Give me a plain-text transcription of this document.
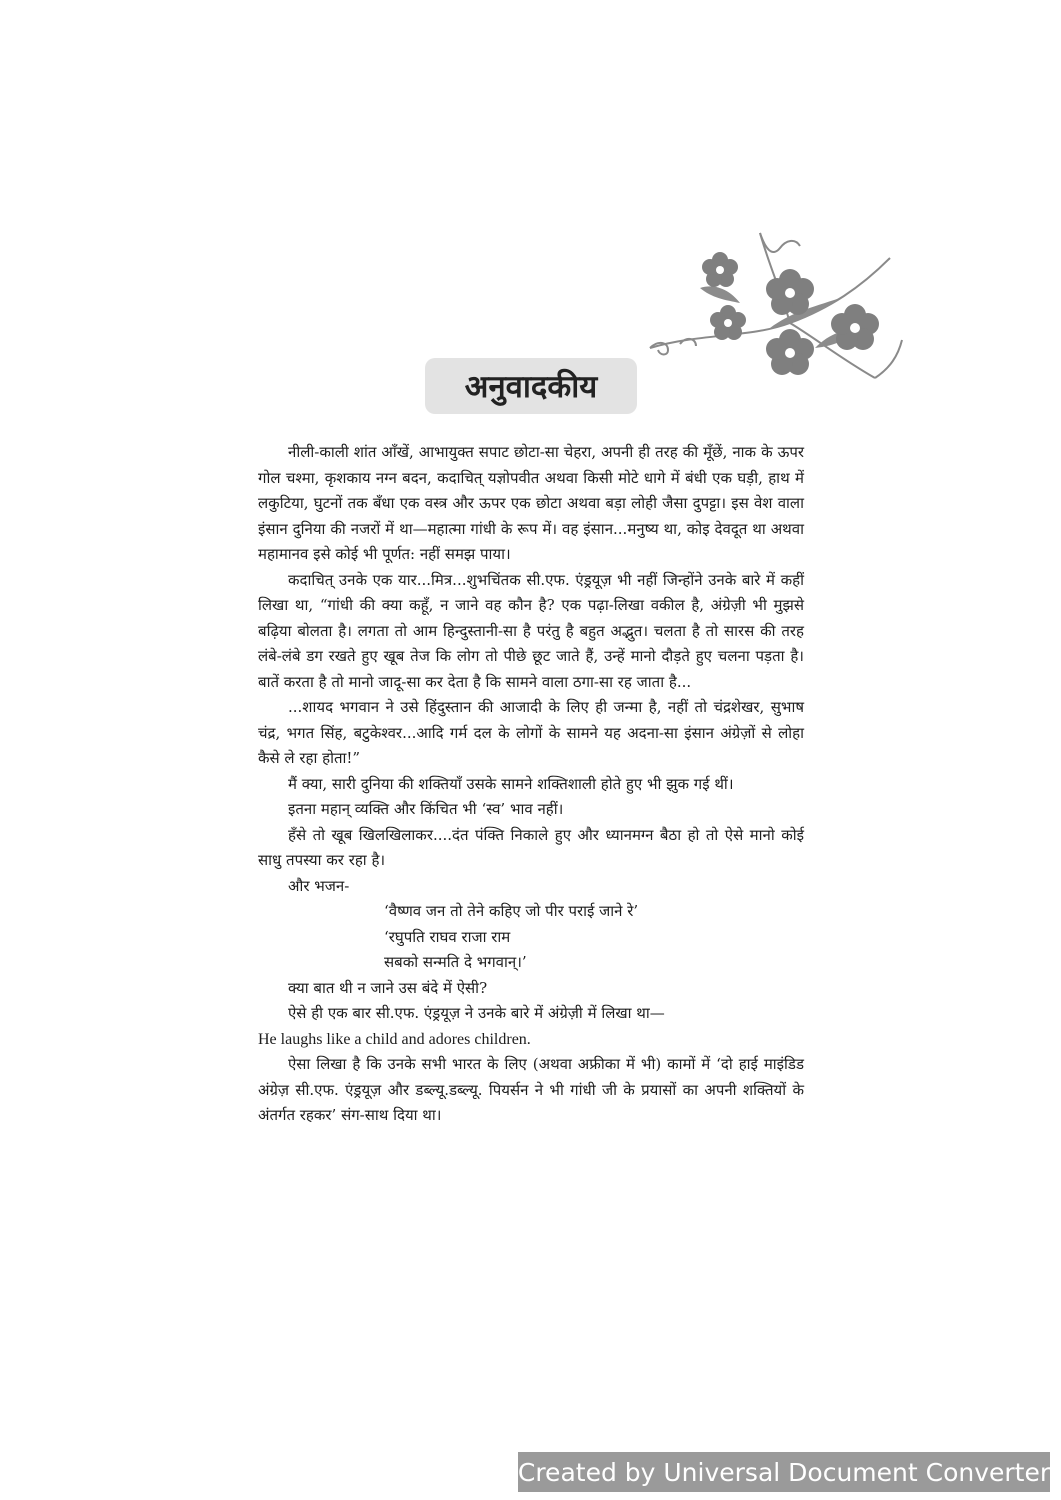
अनुवादकीय

नीली-काली शांत आँखें, आभायुक्त सपाट छोटा-सा चेहरा, अपनी ही तरह की मूँछें, नाक के ऊपर गोल चश्मा, कृशकाय नग्न बदन, कदाचित् यज्ञोपवीत अथवा किसी मोटे धागे में बंधी एक घड़ी, हाथ में लकुटिया, घुटनों तक बँधा एक वस्त्र और ऊपर एक छोटा अथवा बड़ा लोही जैसा दुपट्टा। इस वेश वाला इंसान दुनिया की नजरों में था—महात्मा गांधी के रूप में। वह इंसान...मनुष्य था, कोइ देवदूत था अथवा महामानव इसे कोई भी पूर्णत: नहीं समझ पाया।

कदाचित् उनके एक यार...मित्र...शुभचिंतक सी.एफ. एंड्रयूज़ भी नहीं जिन्होंने उनके बारे में कहीं लिखा था, “गांधी की क्या कहूँ, न जाने वह कौन है? एक पढ़ा-लिखा वकील है, अंग्रेज़ी भी मुझसे बढ़िया बोलता है। लगता तो आम हिन्दुस्तानी-सा है परंतु है बहुत अद्भुत। चलता है तो सारस की तरह लंबे-लंबे डग रखते हुए खूब तेज कि लोग तो पीछे छूट जाते हैं, उन्हें मानो दौड़ते हुए चलना पड़ता है। बातें करता है तो मानो जादू-सा कर देता है कि सामने वाला ठगा-सा रह जाता है...

...शायद भगवान ने उसे हिंदुस्तान की आजादी के लिए ही जन्मा है, नहीं तो चंद्रशेखर, सुभाष चंद्र, भगत सिंह, बटुकेश्वर...आदि गर्म दल के लोगों के सामने यह अदना-सा इंसान अंग्रेज़ों से लोहा कैसे ले रहा होता!”

मैं क्या, सारी दुनिया की शक्तियाँ उसके सामने शक्तिशाली होते हुए भी झुक गई थीं।

इतना महान् व्यक्ति और किंचित भी ‘स्व’ भाव नहीं।

हँसे तो खूब खिलखिलाकर....दंत पंक्ति निकाले हुए और ध्यानमग्न बैठा हो तो ऐसे मानो कोई साधु तपस्या कर रहा है।

और भजन-

‘वैष्णव जन तो तेने कहिए जो पीर पराई जाने रे’

‘रघुपति राघव राजा राम

सबको सन्मति दे भगवान्।’

क्या बात थी न जाने उस बंदे में ऐसी?

ऐसे ही एक बार सी.एफ. एंड्रयूज़ ने उनके बारे में अंग्रेज़ी में लिखा था—

He laughs like a child and adores children.

ऐसा लिखा है कि उनके सभी भारत के लिए (अथवा अफ्रीका में भी) कामों में ‘दो हाई माइंडिड अंग्रेज़ सी.एफ. एंड्रयूज़ और डब्ल्यू.डब्ल्यू. पियर्सन ने भी गांधी जी के प्रयासों का अपनी शक्तियों के अंतर्गत रहकर’ संग-साथ दिया था।

Created by Universal Document Converter
